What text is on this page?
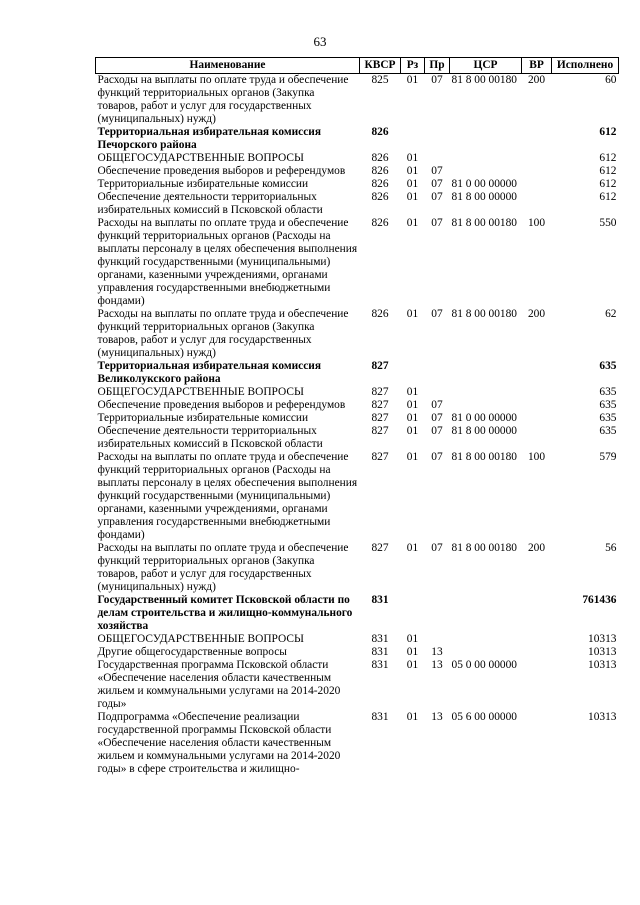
63
Наименование	КВСР	Рз	Пр	ЦСР	ВР	Исполнено
Расходы на выплаты по оплате труда и обеспечение функций территориальных органов (Закупка товаров, работ и услуг для государственных (муниципальных) нужд)	825	01	07	81 8 00 00180	200	60
Территориальная избирательная комиссия Печорского района	826					612
ОБЩЕГОСУДАРСТВЕННЫЕ ВОПРОСЫ	826	01				612
Обеспечение проведения выборов и референдумов	826	01	07			612
Территориальные избирательные комиссии	826	01	07	81 0 00 00000		612
Обеспечение деятельности территориальных избирательных комиссий в Псковской области	826	01	07	81 8 00 00000		612
Расходы на выплаты по оплате труда и обеспечение функций территориальных органов (Расходы на выплаты персоналу в целях обеспечения выполнения функций государственными (муниципальными) органами, казенными учреждениями, органами управления государственными внебюджетными фондами)	826	01	07	81 8 00 00180	100	550
Расходы на выплаты по оплате труда и обеспечение функций территориальных органов (Закупка товаров, работ и услуг для государственных (муниципальных) нужд)	826	01	07	81 8 00 00180	200	62
Территориальная избирательная комиссия Великолукского района	827					635
ОБЩЕГОСУДАРСТВЕННЫЕ ВОПРОСЫ	827	01				635
Обеспечение проведения выборов и референдумов	827	01	07			635
Территориальные избирательные комиссии	827	01	07	81 0 00 00000		635
Обеспечение деятельности территориальных избирательных комиссий в Псковской области	827	01	07	81 8 00 00000		635
Расходы на выплаты по оплате труда и обеспечение функций территориальных органов (Расходы на выплаты персоналу в целях обеспечения выполнения функций государственными (муниципальными) органами, казенными учреждениями, органами управления государственными внебюджетными фондами)	827	01	07	81 8 00 00180	100	579
Расходы на выплаты по оплате труда и обеспечение функций территориальных органов (Закупка товаров, работ и услуг для государственных (муниципальных) нужд)	827	01	07	81 8 00 00180	200	56
Государственный комитет Псковской области по делам строительства и жилищно-коммунального хозяйства	831					761436
ОБЩЕГОСУДАРСТВЕННЫЕ ВОПРОСЫ	831	01				10313
Другие общегосударственные вопросы	831	01	13			10313
Государственная программа Псковской области «Обеспечение населения области качественным жильем и коммунальными услугами на 2014-2020 годы»	831	01	13	05 0 00 00000		10313
Подпрограмма «Обеспечение реализации государственной программы Псковской области «Обеспечение населения области качественным жильем и коммунальными услугами на 2014-2020 годы» в сфере строительства и жилищно-	831	01	13	05 6 00 00000		10313
